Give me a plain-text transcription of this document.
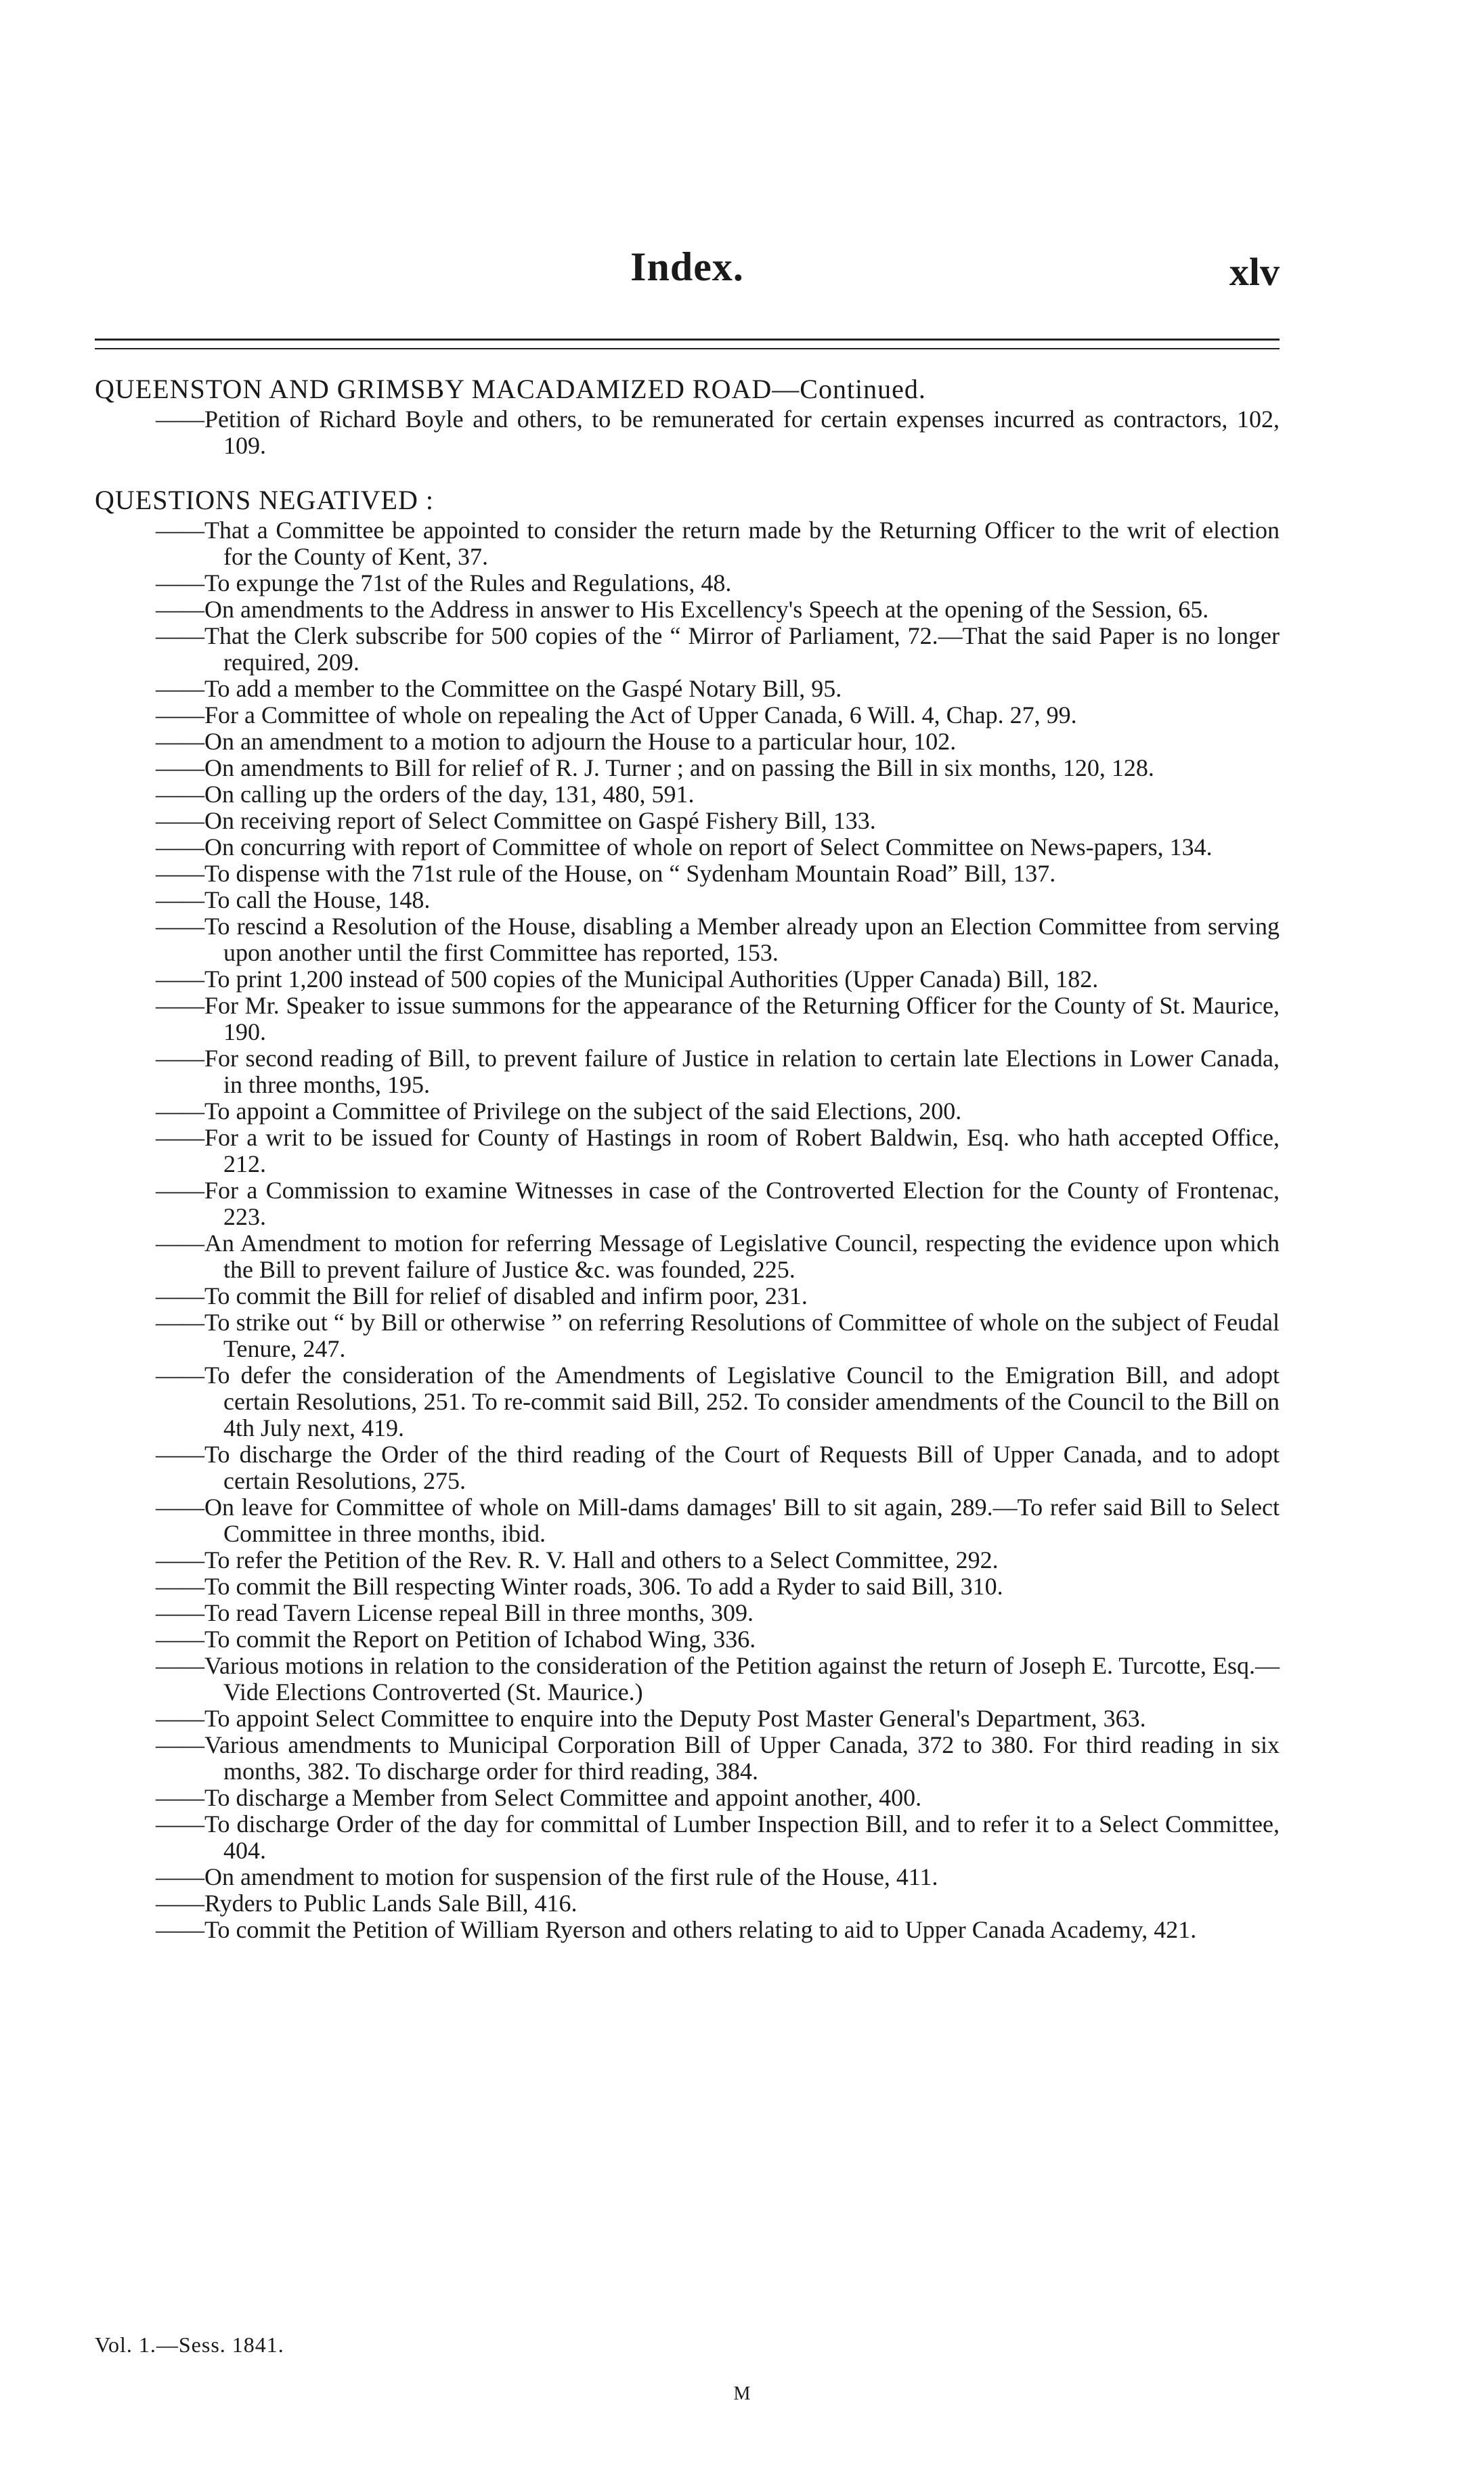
Index.	xlv
QUEENSTON AND GRIMSBY MACADAMIZED ROAD—Continued.
——Petition of Richard Boyle and others, to be remunerated for certain expenses incurred as contractors, 102, 109.
QUESTIONS NEGATIVED :
——That a Committee be appointed to consider the return made by the Returning Officer to the writ of election for the County of Kent, 37.
——To expunge the 71st of the Rules and Regulations, 48.
——On amendments to the Address in answer to His Excellency's Speech at the opening of the Session, 65.
——That the Clerk subscribe for 500 copies of the “ Mirror of Parliament, 72.—That the said Paper is no longer required, 209.
——To add a member to the Committee on the Gaspé Notary Bill, 95.
——For a Committee of whole on repealing the Act of Upper Canada, 6 Will. 4, Chap. 27, 99.
——On an amendment to a motion to adjourn the House to a particular hour, 102.
——On amendments to Bill for relief of R. J. Turner ; and on passing the Bill in six months, 120, 128.
——On calling up the orders of the day, 131, 480, 591.
——On receiving report of Select Committee on Gaspé Fishery Bill, 133.
——On concurring with report of Committee of whole on report of Select Committee on News-papers, 134.
——To dispense with the 71st rule of the House, on “ Sydenham Mountain Road” Bill, 137.
——To call the House, 148.
——To rescind a Resolution of the House, disabling a Member already upon an Election Committee from serving upon another until the first Committee has reported, 153.
——To print 1,200 instead of 500 copies of the Municipal Authorities (Upper Canada) Bill, 182.
——For Mr. Speaker to issue summons for the appearance of the Returning Officer for the County of St. Maurice, 190.
——For second reading of Bill, to prevent failure of Justice in relation to certain late Elections in Lower Canada, in three months, 195.
——To appoint a Committee of Privilege on the subject of the said Elections, 200.
——For a writ to be issued for County of Hastings in room of Robert Baldwin, Esq. who hath accepted Office, 212.
——For a Commission to examine Witnesses in case of the Controverted Election for the County of Frontenac, 223.
——An Amendment to motion for referring Message of Legislative Council, respecting the evidence upon which the Bill to prevent failure of Justice &c. was founded, 225.
——To commit the Bill for relief of disabled and infirm poor, 231.
——To strike out “ by Bill or otherwise ” on referring Resolutions of Committee of whole on the subject of Feudal Tenure, 247.
——To defer the consideration of the Amendments of Legislative Council to the Emigration Bill, and adopt certain Resolutions, 251. To re-commit said Bill, 252. To consider amendments of the Council to the Bill on 4th July next, 419.
——To discharge the Order of the third reading of the Court of Requests Bill of Upper Canada, and to adopt certain Resolutions, 275.
——On leave for Committee of whole on Mill-dams damages' Bill to sit again, 289.—To refer said Bill to Select Committee in three months, ibid.
——To refer the Petition of the Rev. R. V. Hall and others to a Select Committee, 292.
——To commit the Bill respecting Winter roads, 306. To add a Ryder to said Bill, 310.
——To read Tavern License repeal Bill in three months, 309.
——To commit the Report on Petition of Ichabod Wing, 336.
——Various motions in relation to the consideration of the Petition against the return of Joseph E. Turcotte, Esq.—Vide Elections Controverted (St. Maurice.)
——To appoint Select Committee to enquire into the Deputy Post Master General's Department, 363.
——Various amendments to Municipal Corporation Bill of Upper Canada, 372 to 380. For third reading in six months, 382. To discharge order for third reading, 384.
——To discharge a Member from Select Committee and appoint another, 400.
——To discharge Order of the day for committal of Lumber Inspection Bill, and to refer it to a Select Committee, 404.
——On amendment to motion for suspension of the first rule of the House, 411.
——Ryders to Public Lands Sale Bill, 416.
——To commit the Petition of William Ryerson and others relating to aid to Upper Canada Academy, 421.
Vol. 1.—Sess. 1841.
M
